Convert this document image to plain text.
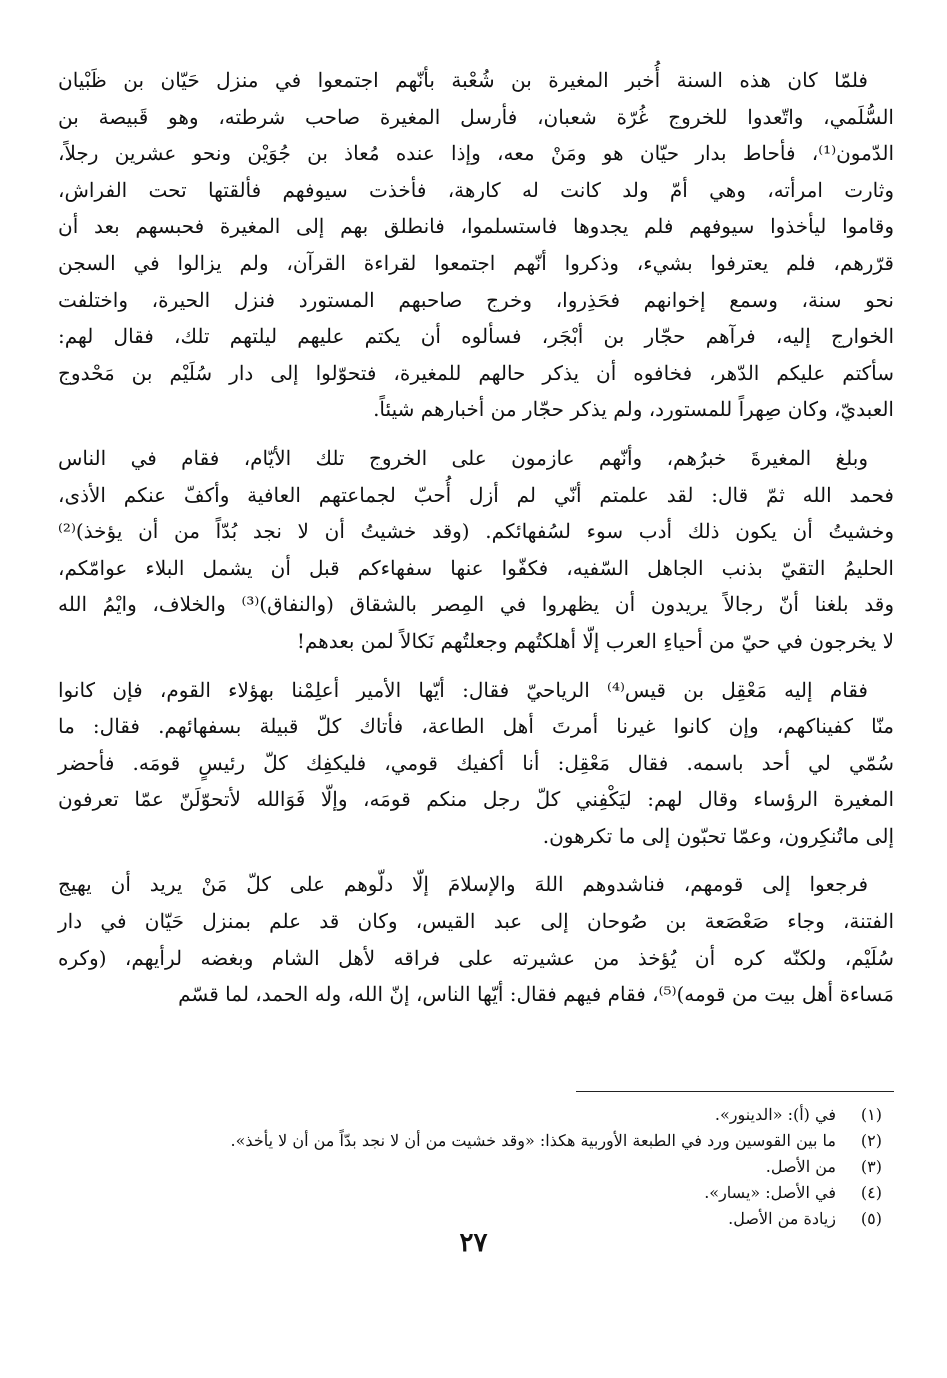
فلمّا كان هذه السنة أُخبر المغيرة بن شُعْبة بأنّهم اجتمعوا في منزل حَيّان بن ظَبْيان
السُّلَمي، واتّعدوا للخروج غُرّة شعبان، فأرسل المغيرة صاحب شرطته، وهو قَبيصة بن
الدّمون⁽¹⁾، فأحاط بدار حيّان هو ومَنْ معه، وإذا عنده مُعاذ بن جُوَيْن ونحو عشرين رجلاً،
وثارت امرأته، وهي أمّ ولد كانت له كارهة، فأخذت سيوفهم فألقتها تحت الفراش،
وقاموا ليأخذوا سيوفهم فلم يجدوها فاستسلموا، فانطلق بهم إلى المغيرة فحبسهم بعد أن
قرّرهم، فلم يعترفوا بشيء، وذكروا أنّهم اجتمعوا لقراءة القرآن، ولم يزالوا في السجن
نحو سنة، وسمع إخوانهم فحَذِروا، وخرج صاحبهم المستورد فنزل الحيرة، واختلفت
الخوارج إليه، فرآهم حجّار بن أبْجَر، فسألوه أن يكتم عليهم ليلتهم تلك، فقال لهم:
سأكتم عليكم الدّهر، فخافوه أن يذكر حالهم للمغيرة، فتحوّلوا إلى دار سُلَيْم بن مَحْدوج
العبديّ، وكان صِهراً للمستورد، ولم يذكر حجّار من أخبارهم شيئاً.

وبلغ المغيرةَ خبرُهم، وأنّهم عازمون على الخروج تلك الأيّام، فقام في الناس
فحمد الله ثمّ قال: لقد علمتم أنّي لم أزل أُحبّ لجماعتهم العافية وأكفّ عنكم الأذى،
وخشيتُ أن يكون ذلك أدب سوء لسُفهائكم. (وقد خشيتُ أن لا نجد بُدّاً من أن يؤخذ)⁽²⁾
الحليمُ التقيّ بذنب الجاهل السّفيه، فكفّوا عنها سفهاءكم قبل أن يشمل البلاء عوامّكم،
وقد بلغنا أنّ رجالاً يريدون أن يظهروا في المِصر بالشقاق (والنفاق)⁽³⁾ والخلاف، وايْمُ الله
لا يخرجون في حيّ من أحياءِ العرب إلّا أهلكتُهم وجعلتُهم نَكالاً لمن بعدهم!

فقام إليه مَعْقِل بن قيس⁽⁴⁾ الرياحيّ فقال: أيّها الأمير أعلِمْنا بهؤلاء القوم، فإن كانوا
منّا كفيناكهم، وإن كانوا غيرنا أمرتَ أهل الطاعة، فأتاك كلّ قبيلة بسفهائهم. فقال: ما
سُمّي لي أحد باسمه. فقال مَعْقِل: أنا أكفيك قومي، فليكفِك كلّ رئيسٍ قومَه. فأحضر
المغيرة الرؤساء وقال لهم: ليَكْفِني كلّ رجل منكم قومَه، وإلّا فَوَالله لأتحوّلَنّ عمّا تعرفون
إلى ماتُنكِرون، وعمّا تحبّون إلى ما تكرهون.

فرجعوا إلى قومهم، فناشدوهم اللهَ والإسلامَ إلّا دلّوهم على كلّ مَنْ يريد أن يهيج
الفتنة، وجاء صَعْصَعة بن صُوحان إلى عبد القيس، وكان قد علم بمنزل حَيّان في دار
سُلَيْم، ولكنّه كره أن يُؤخذ من عشيرته على فراقه لأهل الشام وبغضه لرأيهم، (وكره
مَساءة أهل بيت من قومه)⁽⁵⁾، فقام فيهم فقال: أيّها الناس، إنّ الله، وله الحمد، لما قسّم

(١)
في (أ): «الدينور».
(٢)
ما بين القوسين ورد في الطبعة الأوربية هكذا: «وقد خشيت من أن لا نجد بدّاً من أن لا يأخذ».
(٣)
من الأصل.
(٤)
في الأصل: «يسار».
(٥)
زيادة من الأصل.
٢٧
